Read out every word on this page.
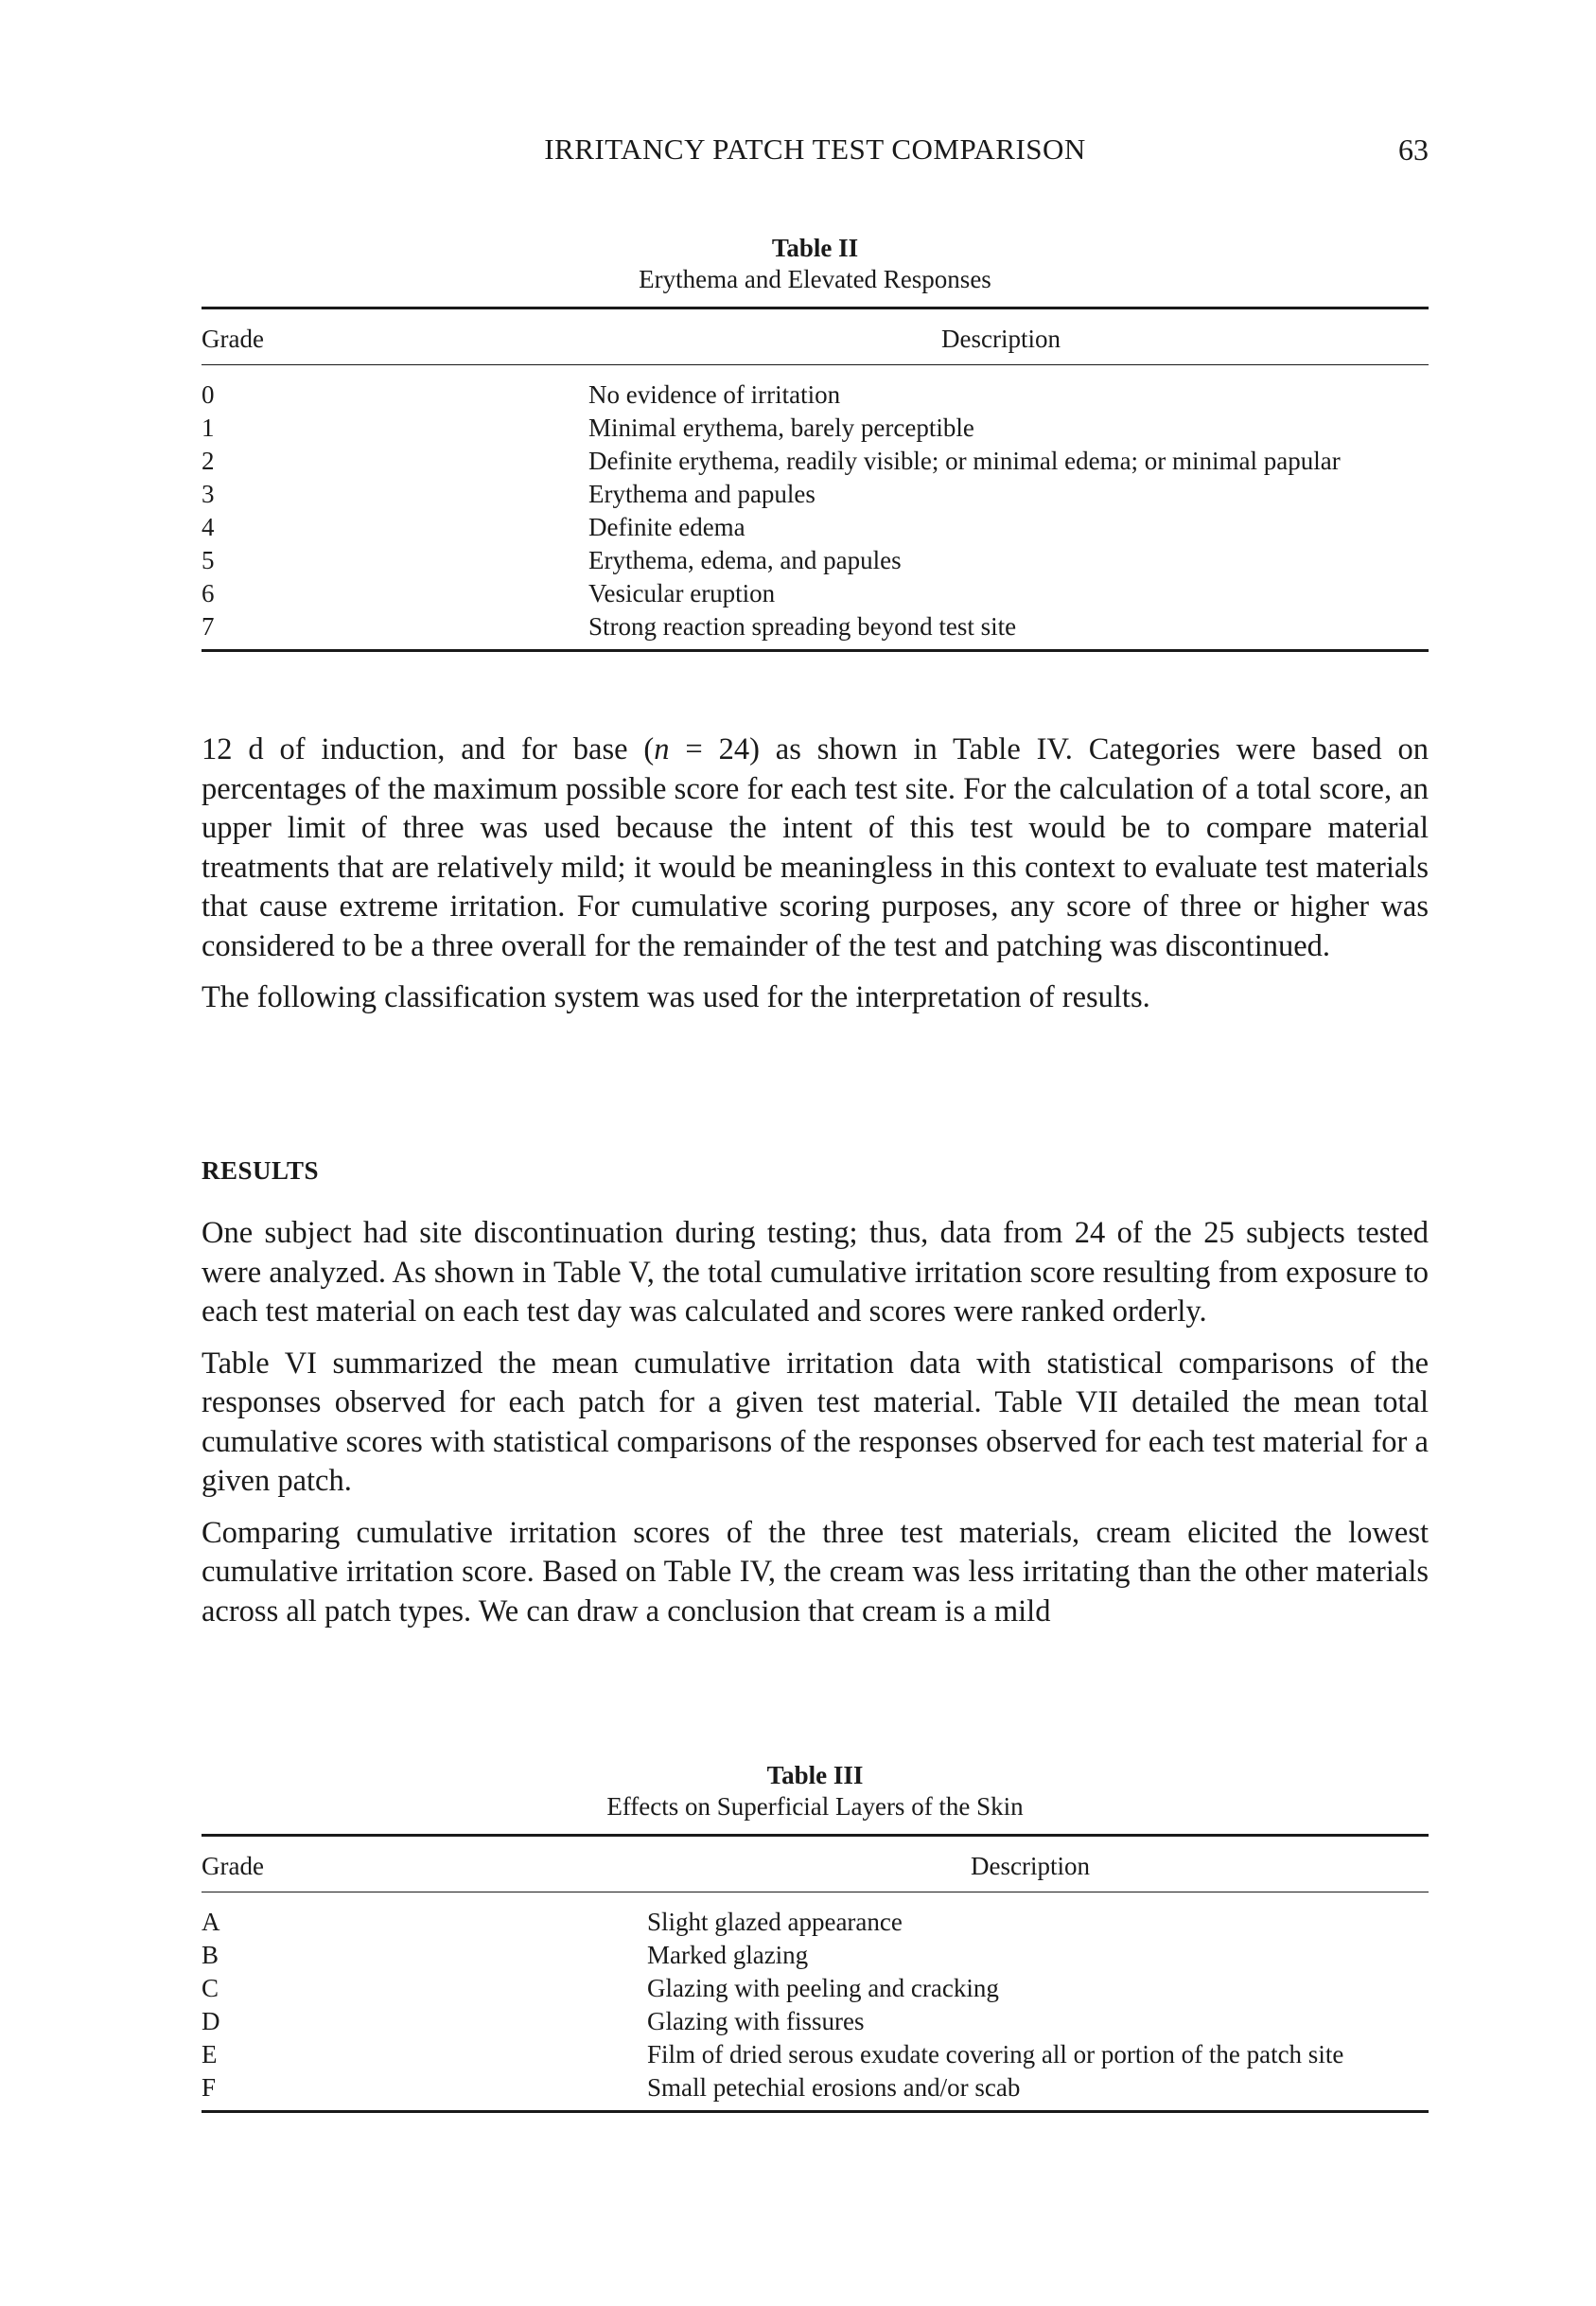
IRRITANCY PATCH TEST COMPARISON	63
Table II
Erythema and Elevated Responses
Grade	Description
0	No evidence of irritation
1	Minimal erythema, barely perceptible
2	Definite erythema, readily visible; or minimal edema; or minimal papular
3	Erythema and papules
4	Definite edema
5	Erythema, edema, and papules
6	Vesicular eruption
7	Strong reaction spreading beyond test site

12 d of induction, and for base (n = 24) as shown in Table IV. Categories were based on percentages of the maximum possible score for each test site. For the calculation of a total score, an upper limit of three was used because the intent of this test would be to compare material treatments that are relatively mild; it would be meaningless in this context to evaluate test materials that cause extreme irritation. For cumulative scoring purposes, any score of three or higher was considered to be a three overall for the remainder of the test and patching was discontinued.

The following classification system was used for the interpretation of results.

RESULTS

One subject had site discontinuation during testing; thus, data from 24 of the 25 subjects tested were analyzed. As shown in Table V, the total cumulative irritation score resulting from exposure to each test material on each test day was calculated and scores were ranked orderly.

Table VI summarized the mean cumulative irritation data with statistical comparisons of the responses observed for each patch for a given test material. Table VII detailed the mean total cumulative scores with statistical comparisons of the responses observed for each test material for a given patch.

Comparing cumulative irritation scores of the three test materials, cream elicited the lowest cumulative irritation score. Based on Table IV, the cream was less irritating than the other materials across all patch types. We can draw a conclusion that cream is a mild

Table III
Effects on Superficial Layers of the Skin
Grade	Description
A	Slight glazed appearance
B	Marked glazing
C	Glazing with peeling and cracking
D	Glazing with fissures
E	Film of dried serous exudate covering all or portion of the patch site
F	Small petechial erosions and/or scab
